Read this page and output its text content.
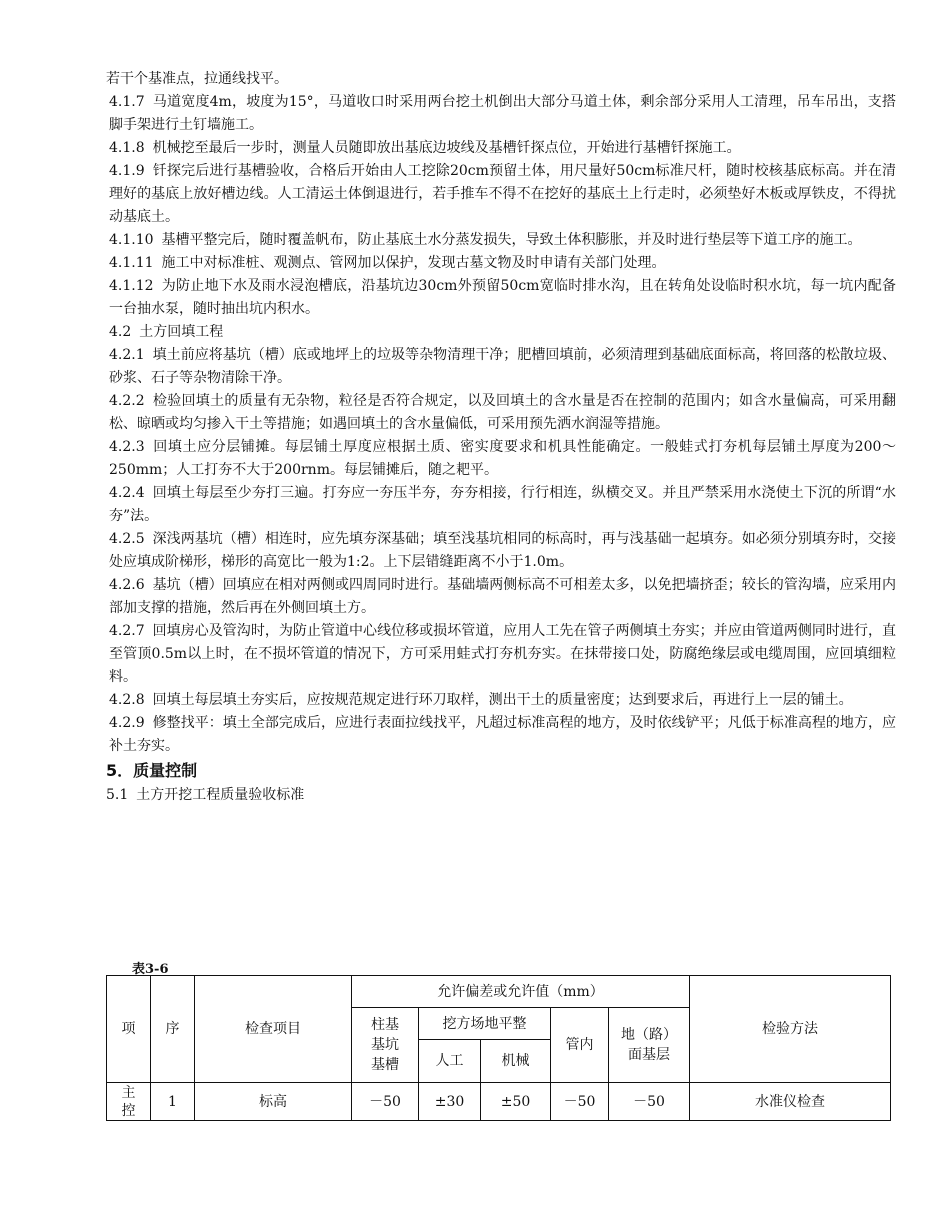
若干个基准点，拉通线找平。

4.1.7 马道宽度4m，坡度为15°，马道收口时采用两台挖土机倒出大部分马道土体，剩余部分采用人工清理，吊车吊出，支搭脚手架进行土钉墙施工。

4.1.8 机械挖至最后一步时，测量人员随即放出基底边坡线及基槽钎探点位，开始进行基槽钎探施工。

4.1.9 钎探完后进行基槽验收，合格后开始由人工挖除20cm预留土体，用尺量好50cm标准尺杆，随时校核基底标高。并在清理好的基底上放好槽边线。人工清运土体倒退进行，若手推车不得不在挖好的基底土上行走时，必须垫好木板或厚铁皮，不得扰动基底土。

4.1.10 基槽平整完后，随时覆盖帆布，防止基底土水分蒸发损失，导致土体积膨胀，并及时进行垫层等下道工序的施工。

4.1.11 施工中对标准桩、观测点、管网加以保护，发现古墓文物及时申请有关部门处理。

4.1.12 为防止地下水及雨水浸泡槽底，沿基坑边30cm外预留50cm宽临时排水沟，且在转角处设临时积水坑，每一坑内配备一台抽水泵，随时抽出坑内积水。

4.2 土方回填工程

4.2.1 填土前应将基坑（槽）底或地坪上的垃圾等杂物清理干净；肥槽回填前，必须清理到基础底面标高，将回落的松散垃圾、砂浆、石子等杂物清除干净。

4.2.2 检验回填土的质量有无杂物，粒径是否符合规定，以及回填土的含水量是否在控制的范围内；如含水量偏高，可采用翻松、晾晒或均匀掺入干土等措施；如遇回填土的含水量偏低，可采用预先洒水润湿等措施。

4.2.3 回填土应分层铺摊。每层铺土厚度应根据土质、密实度要求和机具性能确定。一般蛙式打夯机每层铺土厚度为200～250mm；人工打夯不大于200rnm。每层铺摊后，随之耙平。

4.2.4 回填土每层至少夯打三遍。打夯应一夯压半夯，夯夯相接，行行相连，纵横交叉。并且严禁采用水浇使土下沉的所谓“水夯”法。

4.2.5 深浅两基坑（槽）相连时，应先填夯深基础；填至浅基坑相同的标高时，再与浅基础一起填夯。如必须分别填夯时，交接处应填成阶梯形，梯形的高宽比一般为1:2。上下层错缝距离不小于1.0m。

4.2.6 基坑（槽）回填应在相对两侧或四周同时进行。基础墙两侧标高不可相差太多，以免把墙挤歪；较长的管沟墙，应采用内部加支撑的措施，然后再在外侧回填土方。

4.2.7 回填房心及管沟时，为防止管道中心线位移或损坏管道，应用人工先在管子两侧填土夯实；并应由管道两侧同时进行，直至管顶0.5m以上时，在不损坏管道的情况下，方可采用蛙式打夯机夯实。在抹带接口处，防腐绝缘层或电缆周围，应回填细粒料。

4.2.8 回填土每层填土夯实后，应按规范规定进行环刀取样，测出干土的质量密度；达到要求后，再进行上一层的铺土。

4.2.9 修整找平：填土全部完成后，应进行表面拉线找平，凡超过标准高程的地方，及时依线铲平；凡低于标准高程的地方，应补土夯实。

5．质量控制

5.1 土方开挖工程质量验收标准

表3-6
项	序	检查项目	允许偏差或允许值（mm）					检验方法

			柱基基坑基槽	挖方场地平整		管内	地（路）面基层	

				人工	机械			

主控	1	标高	－50	±30	±50	－50	－50	水准仪检查
